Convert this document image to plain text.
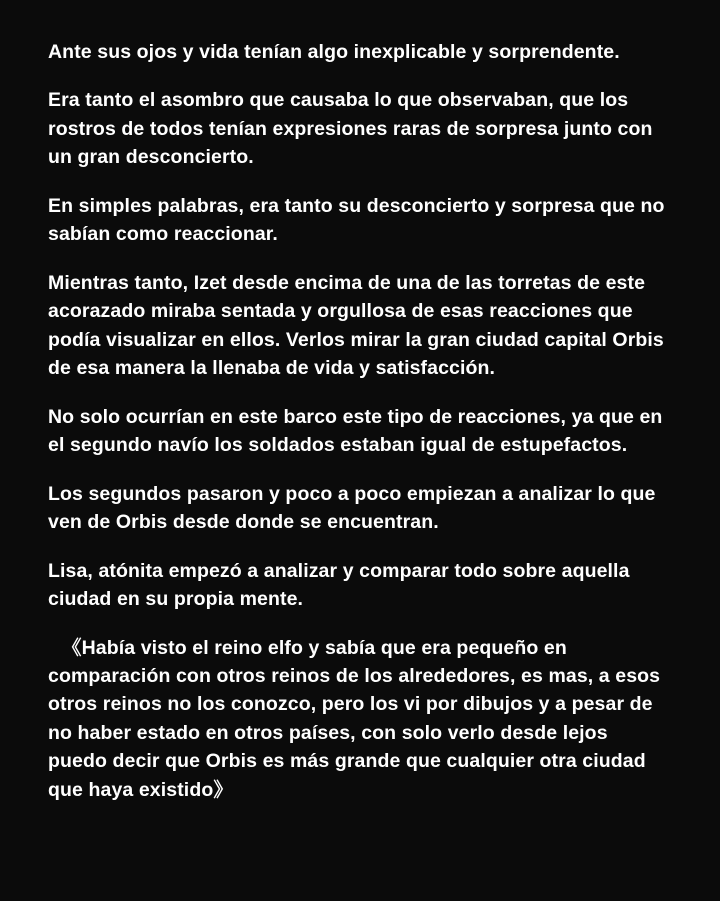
Ante sus ojos y vida tenían algo inexplicable y sorprendente.

Era tanto el asombro que causaba lo que observaban, que los rostros de todos tenían expresiones raras de sorpresa junto con un gran desconcierto.

En simples palabras, era tanto su desconcierto y sorpresa que no sabían como reaccionar.

Mientras tanto, Izet desde encima de una de las torretas de este acorazado miraba sentada y orgullosa de esas reacciones que podía visualizar en ellos. Verlos mirar la gran ciudad capital Orbis de esa manera la llenaba de vida y satisfacción.

No solo ocurrían en este barco este tipo de reacciones, ya que en el segundo navío los soldados estaban igual de estupefactos.

Los segundos pasaron y poco a poco empiezan a analizar lo que ven de Orbis desde donde se encuentran.

Lisa, atónita empezó a analizar y comparar todo sobre aquella ciudad en su propia mente.

《Había visto el reino elfo y sabía que era pequeño en comparación con otros reinos de los alrededores, es mas, a esos otros reinos no los conozco, pero los vi por dibujos y a pesar de no haber estado en otros países, con solo verlo desde lejos puedo decir que Orbis es más grande que cualquier otra ciudad que haya existido》
